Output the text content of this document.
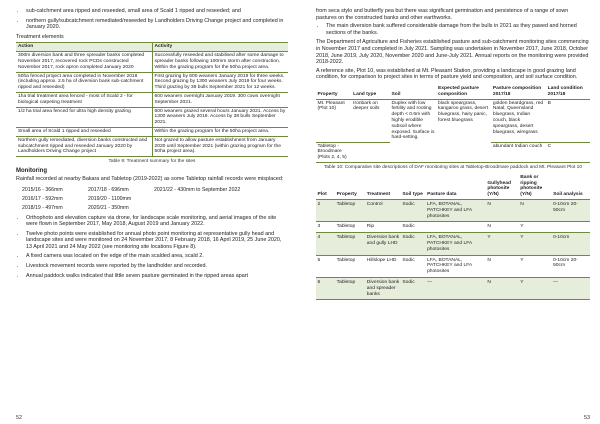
• sub-catchment area ripped and reseeded, small area of Scald 1 ripped and reseeded; and
• northern gully/subcatchment remediated/reseeded by Landholders Driving Change project and completed in January 2020.

Treatment elements

Action	Activity
300m diversion bank and three spreader banks completed November 2017, recovered rock PCDs constructed November 2017, rock apron completed January 2020	Successfully reseeded and stabilised after some damage to spreader banks following 100mm storm after construction. Within the grazing program for the 50ha project area.
50ha fenced project area completed in November 2018 (including approx. 2.5 ha of diversion bank sub-catchment ripped and reseeded)	First grazing by 600 weaners January 2019 for three weeks. Second grazing by 1300 weaners July 2019 for four weeks. Third grazing by 38 bulls September 2021 for 12 weeks.
1ha trial treatment area fenced - most of Scald 2 - for biological carpeting treatment	600 weaners overnight January 2019. 300 cows overnight September 2021.
1/2 ha trial area fenced for ultra high density grazing	600 weaners grazed several hours January 2021. Access by 1300 weaners July 2019. Access by 38 bulls September 2021.
Small area of Scald 1 ripped and reseeded	Within the grazing program for the 50ha project area.
Northern gully remediated, diversion banks constructed and subcatchment ripped and reseeded January 2020 by Landholders Driving Change project	Not grazed to allow pasture establishment from January 2020 until September 2021 (within grazing program for the 50ha project area).
Table 9: Treatment summary for the sites
Monitoring

Rainfall recorded at nearby Bakara and Tabletop (2019-2022) as some Tabletop rainfall records were misplaced:

2015/16 - 366mm	2017/18 - 696mm	2021/22 - 430mm to September 2022
2016/17 - 592mm	2019/20 - 1100mm
2018/19 - 497mm	2020/21 - 350mm
• Orthophoto and elevation capture via drone, for landscape scale monitoring, and aerial images of the site were flown in September 2017, May 2018, August 2019 and January 2022.
• Twelve photo points were established for annual photo point monitoring at representative gully head and landscape sites and were monitored on 24 November 2017, 8 February 2018, 16 April 2019, 25 June 2020, 13 April 2021 and 24 May 2022 (see monitoring site locations Figure 8).
• A fixed camera was located on the edge of the main scalded area, scald 2.
• Livestock movement records were reported by the landholder and recorded.
• Annual paddock walks indicated that little seven pasture germinated in the ripped areas apart
52

from seca stylo and butterfly pea but there was significant germination and persistence of a range of sown pastures on the constructed banks and other earthworks.

• The main diversion bank suffered considerable damage from the bulls in 2021 as they pawed and horned sections of the banks.

The Department of Agriculture and Fisheries established pasture and sub-catchment monitoring sites commencing in November 2017 and completed in July 2021. Sampling was undertaken in November 2017, June 2018, October 2018, June 2019, July 2020, November 2020 and June-July 2021. Annual reports on the monitoring were provided 2018-2022.

A reference site, Plot 10, was established at Mt. Pleasant Station, providing a landscape in good grazing land condition, for comparison to project sites in terms of pasture yield and composition, and soil surface condition.

Property	Land type	Soil	Expected pasture composition	Pasture composition 2017/18	Land condition 2017/18
Mt. Pleasant (Plot 10)	Ironbark on deeper soils	Duplex with low fertility and rooting depth < 0.6m with highly erodible subsoil where exposed. Surface is hard-setting.	black speargrass, kangaroo grass, desert bluegrass, hairy panic, forest bluegrass	golden beardgrass, red Natal, Queensland bluegrass, Indian couch, black speargrass, desert bluegrass, wiregrass	B
Tabletop - Broodmare (Plots 2, 4, 5)				abundant Indian couch	C
Table 10: Comparative site descriptions of DAF monitoring sites at Tabletop-Broodmare paddock and Mt. Pleasant Plot 10
Plot	Property	Treatment	Soil type	Pasture data	Gullyhead photosite (Y/N)	Bank or ripping photosite (Y/N)	Soil analysis
2	Tabletop	Control	Sodic	LFA, BOTANAL, PATCHKEY and LFA photosites	N	N	0-10cm 20-50cm
3	Tabletop	Rip	Sodic		N	Y	
4	Tabletop	Diversion bank and gully LHD	Sodic	LFA, BOTANAL, PATCHKEY and LFA photosites	Y	Y	0-10cm
5	Tabletop	Hillslope LHD	Sodic	LFA, BOTANAL, PATCHKEY and LFA photosites	N	Y	0-10cm 20-50cm
6	Tabletop	Diversion bank and spreader banks	Sodic	—	N	Y	—
53
